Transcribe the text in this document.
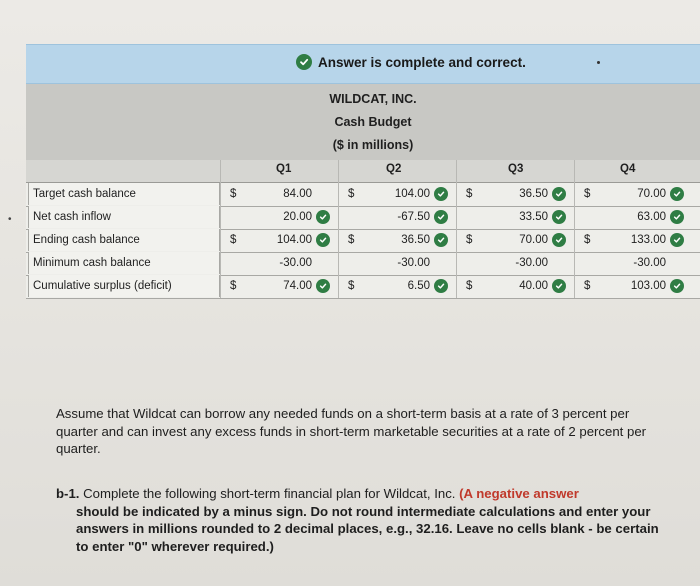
Answer is complete and correct.
WILDCAT, INC.
Cash Budget
($ in millions)
Q1	Q2	Q3	Q4
Target cash balance	$	84.00	$	104.00	$	36.50	$	70.00
Net cash inflow	20.00	-67.50	33.50	63.00
Ending cash balance	$	104.00	$	36.50	$	70.00	$	133.00
Minimum cash balance	-30.00	-30.00	-30.00	-30.00
Cumulative surplus (deficit)	$	74.00	$	6.50	$	40.00	$	103.00
•
Assume that Wildcat can borrow any needed funds on a short-term basis at a rate of 3 percent per quarter and can invest any excess funds in short-term marketable securities at a rate of 2 percent per quarter.
b-1. Complete the following short-term financial plan for Wildcat, Inc. (A negative answer
should be indicated by a minus sign. Do not round intermediate calculations and enter your answers in millions rounded to 2 decimal places, e.g., 32.16. Leave no cells blank - be certain to enter "0" wherever required.)
